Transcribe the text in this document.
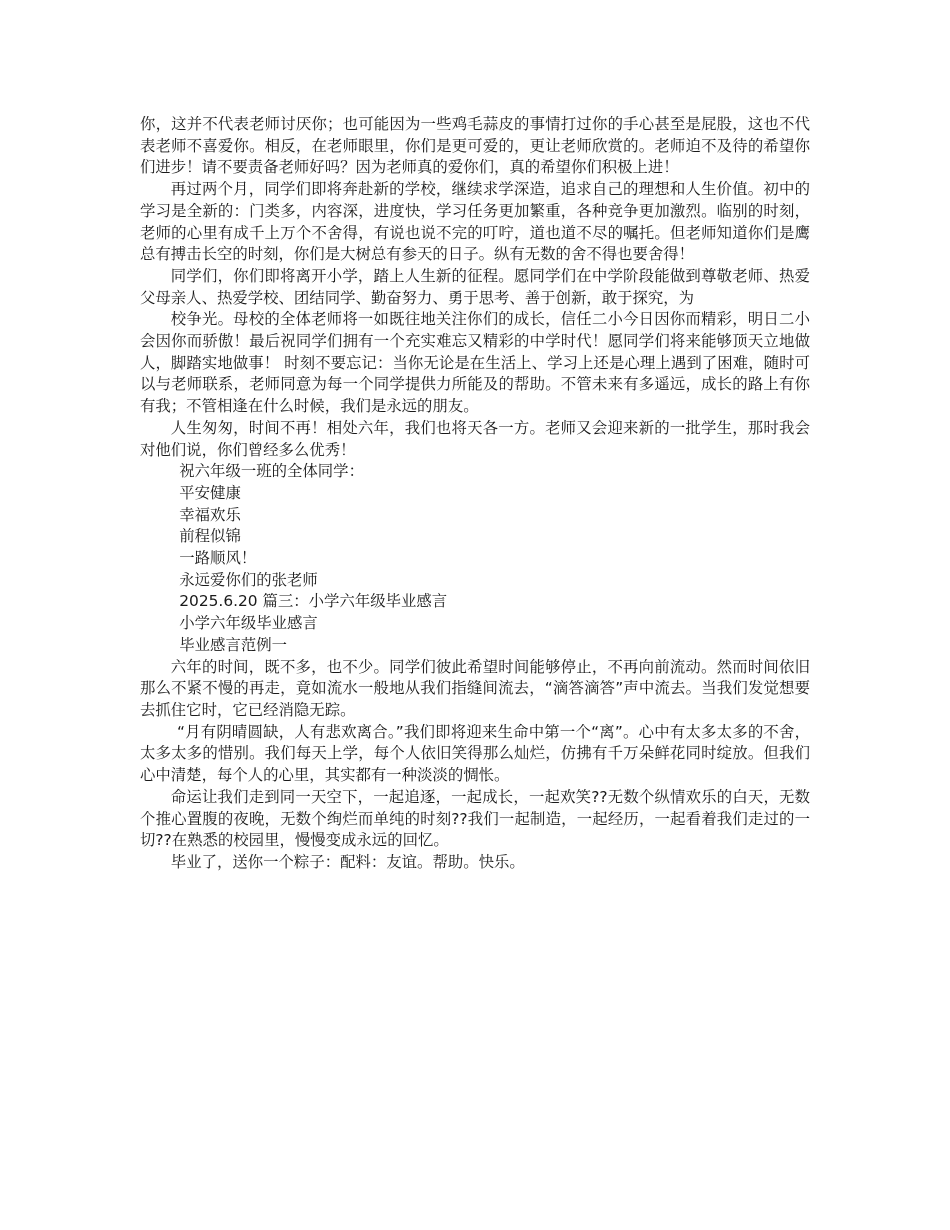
你，这并不代表老师讨厌你；也可能因为一些鸡毛蒜皮的事情打过你的手心甚至是屁股，这也不代表老师不喜爱你。相反，在老师眼里，你们是更可爱的，更让老师欣赏的。老师迫不及待的希望你们进步！请不要责备老师好吗？因为老师真的爱你们，真的希望你们积极上进！

再过两个月，同学们即将奔赴新的学校，继续求学深造，追求自己的理想和人生价值。初中的学习是全新的：门类多，内容深，进度快，学习任务更加繁重，各种竞争更加激烈。临别的时刻，老师的心里有成千上万个不舍得，有说也说不完的叮咛，道也道不尽的嘱托。但老师知道你们是鹰总有搏击长空的时刻，你们是大树总有参天的日子。纵有无数的舍不得也要舍得！

同学们，你们即将离开小学，踏上人生新的征程。愿同学们在中学阶段能做到尊敬老师、热爱父母亲人、热爱学校、团结同学、勤奋努力、勇于思考、善于创新，敢于探究，为

校争光。母校的全体老师将一如既往地关注你们的成长，信任二小今日因你而精彩，明日二小会因你而骄傲！最后祝同学们拥有一个充实难忘又精彩的中学时代！愿同学们将来能够顶天立地做人，脚踏实地做事！ 时刻不要忘记：当你无论是在生活上、学习上还是心理上遇到了困难，随时可以与老师联系，老师同意为每一个同学提供力所能及的帮助。不管未来有多遥远，成长的路上有你有我；不管相逢在什么时候，我们是永远的朋友。

人生匆匆，时间不再！相处六年，我们也将天各一方。老师又会迎来新的一批学生，那时我会对他们说，你们曾经多么优秀！

祝六年级一班的全体同学：

平安健康

幸福欢乐

前程似锦

一路顺风！

永远爱你们的张老师

2025.6.20 篇三：小学六年级毕业感言

小学六年级毕业感言

毕业感言范例一

六年的时间，既不多，也不少。同学们彼此希望时间能够停止，不再向前流动。然而时间依旧那么不紧不慢的再走，竟如流水一般地从我们指缝间流去，“滴答滴答”声中流去。当我们发觉想要去抓住它时，它已经消隐无踪。

“月有阴晴圆缺，人有悲欢离合。”我们即将迎来生命中第一个“离”。心中有太多太多的不舍，太多太多的惜别。我们每天上学，每个人依旧笑得那么灿烂，仿拂有千万朵鲜花同时绽放。但我们心中清楚，每个人的心里，其实都有一种淡淡的惆怅。

命运让我们走到同一天空下，一起追逐，一起成长，一起欢笑??无数个纵情欢乐的白天，无数个推心置腹的夜晚，无数个绚烂而单纯的时刻??我们一起制造，一起经历，一起看着我们走过的一切??在熟悉的校园里，慢慢变成永远的回忆。

毕业了，送你一个粽子：配料：友谊。帮助。快乐。
